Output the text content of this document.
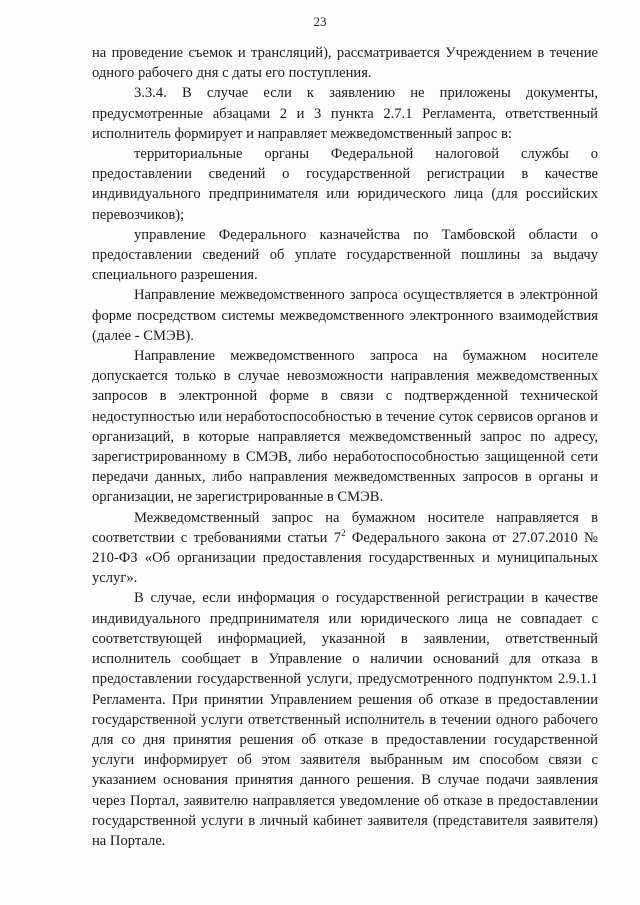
23

на проведение съемок и трансляций), рассматривается Учреждением в течение одного рабочего дня с даты его поступления.

3.3.4. В случае если к заявлению не приложены документы, предусмотренные абзацами 2 и 3 пункта 2.7.1 Регламента, ответственный исполнитель формирует и направляет межведомственный запрос в:

территориальные органы Федеральной налоговой службы о предоставлении сведений о государственной регистрации в качестве индивидуального предпринимателя или юридического лица (для российских перевозчиков);

управление Федерального казначейства по Тамбовской области о предоставлении сведений об уплате государственной пошлины за выдачу специального разрешения.

Направление межведомственного запроса осуществляется в электронной форме посредством системы межведомственного электронного взаимодействия (далее - СМЭВ).

Направление межведомственного запроса на бумажном носителе допускается только в случае невозможности направления межведомственных запросов в электронной форме в связи с подтвержденной технической недоступностью или неработоспособностью в течение суток сервисов органов и организаций, в которые направляется межведомственный запрос по адресу, зарегистрированному в СМЭВ, либо неработоспособностью защищенной сети передачи данных, либо направления межведомственных запросов в органы и организации, не зарегистрированные в СМЭВ.

Межведомственный запрос на бумажном носителе направляется в соответствии с требованиями статьи $7^2$ Федерального закона от 27.07.2010 № 210-ФЗ «Об организации предоставления государственных и муниципальных услуг».

В случае, если информация о государственной регистрации в качестве индивидуального предпринимателя или юридического лица не совпадает с соответствующей информацией, указанной в заявлении, ответственный исполнитель сообщает в Управление о наличии оснований для отказа в предоставлении государственной услуги, предусмотренного подпунктом 2.9.1.1 Регламента. При принятии Управлением решения об отказе в предоставлении государственной услуги ответственный исполнитель в течении одного рабочего для со дня принятия решения об отказе в предоставлении государственной услуги информирует об этом заявителя выбранным им способом связи с указанием основания принятия данного решения. В случае подачи заявления через Портал, заявителю направляется уведомление об отказе в предоставлении государственной услуги в личный кабинет заявителя (представителя заявителя) на Портале.
